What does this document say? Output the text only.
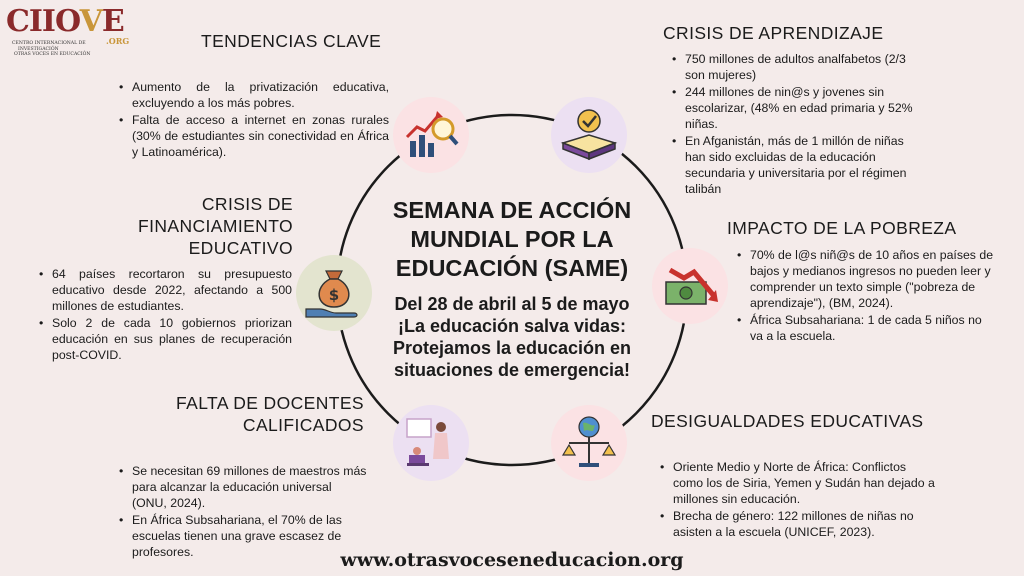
CIIOVE
.ORG
CENTRO INTERNACIONAL DE
INVESTIGACIÓN
OTRAS VOCES EN EDUCACIÓN
SEMANA DE ACCIÓN
MUNDIAL POR LA
EDUCACIÓN (SAME)
Del 28 de abril al 5 de mayo
¡La educación salva vidas:
Protejamos la educación en
situaciones de emergencia!
$
TENDENCIAS CLAVE
• Aumento de la privatización educativa, excluyendo a los más pobres.
• Falta de acceso a internet en zonas rurales (30% de estudiantes sin conectividad en África y Latinoamérica).
CRISIS DE
FINANCIAMIENTO
EDUCATIVO
• 64 países recortaron su presupuesto educativo desde 2022, afectando a 500 millones de estudiantes.
• Solo 2 de cada 10 gobiernos priorizan educación en sus planes de recuperación post-COVID.
FALTA DE DOCENTES
CALIFICADOS
• Se necesitan 69 millones de maestros más para alcanzar la educación universal (ONU, 2024).
• En África Subsahariana, el 70% de las escuelas tienen una grave escasez de profesores.
CRISIS DE APRENDIZAJE
• 750 millones de adultos analfabetos (2/3 son mujeres)
• 244 millones de nin@s y jovenes sin escolarizar, (48% en edad primaria y 52% niñas.
• En Afganistán, más de 1 millón de niñas han sido excluidas de la educación secundaria y universitaria por el régimen talibán
IMPACTO DE LA POBREZA
• 70% de l@s niñ@s de 10 años en países de bajos y medianos ingresos no pueden leer y comprender un texto simple ("pobreza de aprendizaje"), (BM, 2024).
• África Subsahariana: 1 de cada 5 niños no va a la escuela.
DESIGUALDADES EDUCATIVAS
• Oriente Medio y Norte de África: Conflictos como los de Siria, Yemen y Sudán han dejado a millones sin educación.
• Brecha de género: 122 millones de niñas no asisten a la escuela (UNICEF, 2023).
www.otrasvoceseneducacion.org
